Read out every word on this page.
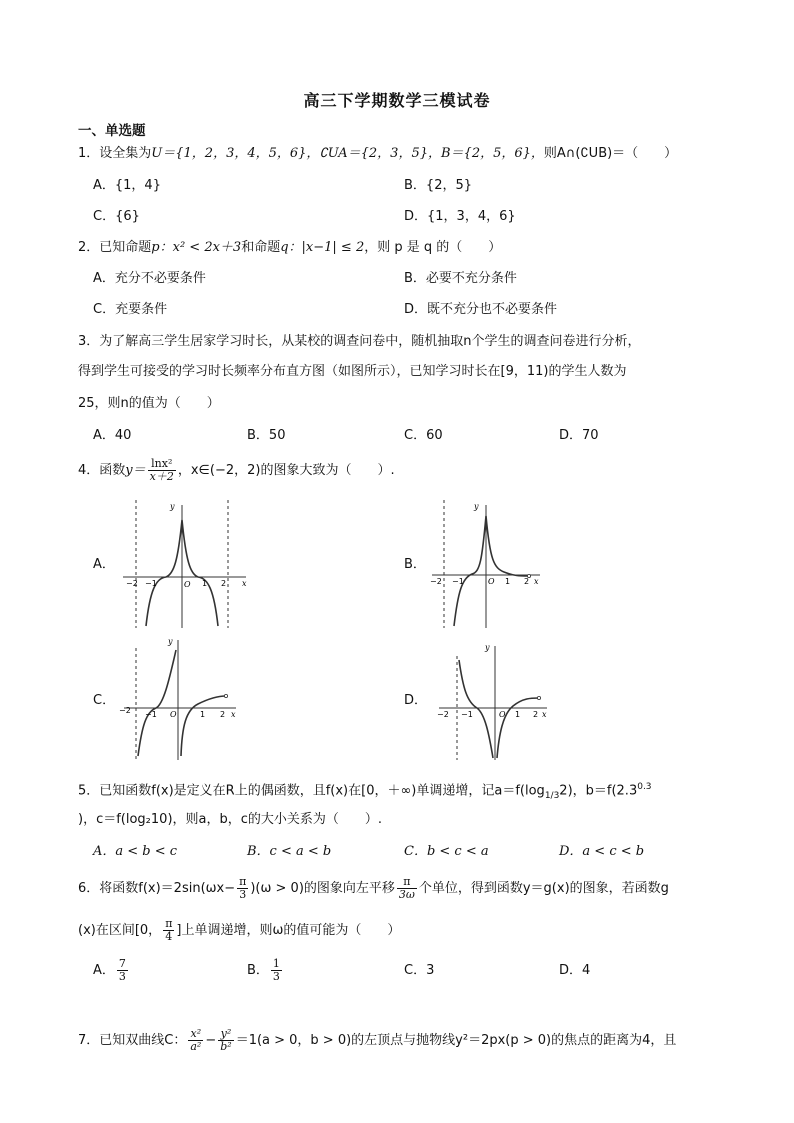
高三下学期数学三模试卷
一、单选题
1．设全集为U＝{1，2，3，4，5，6}，∁UA＝{2，3，5}，B＝{2，5，6}，则A∩(∁UB)＝（　　）
A．{1，4}	B．{2，5}
C．{6}	D．{1，3，4，6}
2．已知命题p：x² < 2x＋3和命题q：|x−1| ≤ 2，则 p 是 q 的（　　）
A．充分不必要条件	B．必要不充分条件
C．充要条件	D．既不充分也不必要条件
3．为了解高三学生居家学习时长，从某校的调查问卷中，随机抽取n个学生的调查问卷进行分析，
得到学生可接受的学习时长频率分布直方图（如图所示），已知学习时长在[9，11)的学生人数为
25，则n的值为（　　）
A．40	B．50	C．60	D．70
4．函数$y= \frac{\text{lnx²}}{x+2}$ ，x∈(−2，2)的图象大致为（　　）.
A．	B．
C．	D．
y
x
O
−2 −1	1 2
y
x
O
−2 −1	1 2
y
x
O
−2 −1	1 2
y
x
O
−2 −1	1 2
5．已知函数f(x)是定义在R上的偶函数，且f(x)在[0，＋∞)单调递增，记$a=f(\log_{1/3}2)$，$b=f(2.3^{0.3}$
)，c＝f(log₂10)，则a，b，c的大小关系为（　　）.
A．a < b < c	B．c < a < b	C．b < c < a	D．a < c < b
6．将函数$f(x)=2\sin(\omega x- \frac{\pi}{3} )(\omega > 0)$的图象向左平移 $\frac{\pi}{3\omega}$ 个单位，得到函数y＝g(x)的图象，若函数g
(x)在区间[0， $\frac{\pi}{4}$ ]上单调递增，则ω的值可能为（　　）
A． $\frac{7}{3}$	B． $\frac{1}{3}$	C．3	D．4
7．已知双曲线C： $\frac{\text{x²}}{\text{a²}} - \frac{\text{y²}}{\text{b²}} =1(a > 0$，b > 0)的左顶点与抛物线y²＝2px(p > 0)的焦点的距离为4，且
